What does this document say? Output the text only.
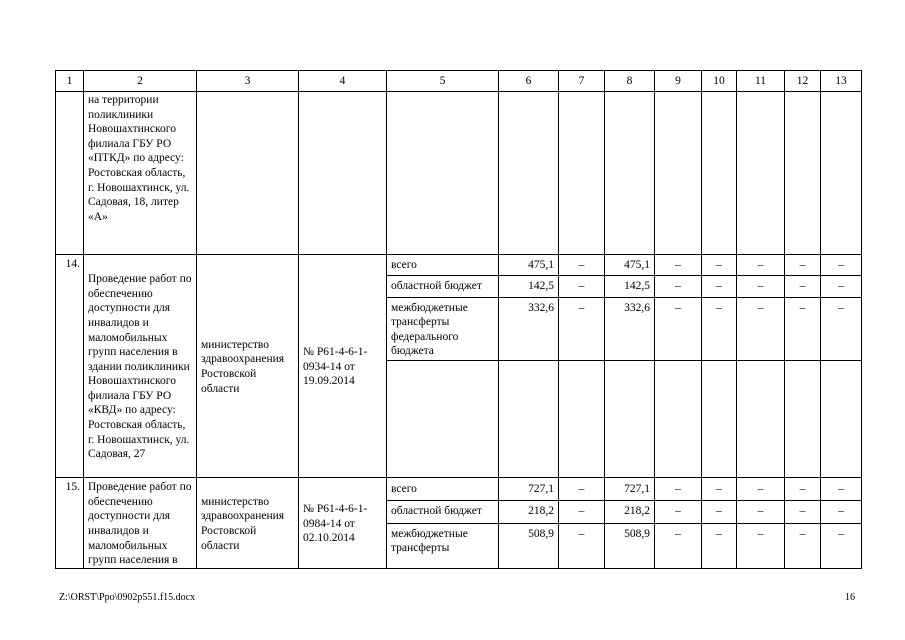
1	2	3	4	5	6	7	8	9	10	11	12	13
	на территории поликлиники Новошахтинского филиала ГБУ РО «ПТКД» по адресу: Ростовская область, г. Новошахтинск, ул. Садовая, 18, литер «А»											
14.	Проведение работ по обеспечению доступности для инвалидов и маломобильных групп населения в здании поликлиники Новошахтинского филиала ГБУ РО «КВД» по адресу: Ростовская область, г. Новошахтинск, ул. Садовая, 27	министерство здравоохранения Ростовской области	№ Р61-4-6-1-0934-14 от 19.09.2014	всего	475,1	–	475,1	–	–	–	–	–
				областной бюджет	142,5	–	142,5	–	–	–	–	–
				межбюджетные трансферты федерального бюджета	332,6	–	332,6	–	–	–	–	–

15.	Проведение работ по обеспечению доступности для инвалидов и маломобильных групп населения в	министерство здравоохранения Ростовской области	№ Р61-4-6-1-0984-14 от 02.10.2014	всего	727,1	–	727,1	–	–	–	–	–
				областной бюджет	218,2	–	218,2	–	–	–	–	–
				межбюджетные трансферты	508,9	–	508,9	–	–	–	–	–
Z:\ORST\Ppo\0902p551.f15.docx	16
